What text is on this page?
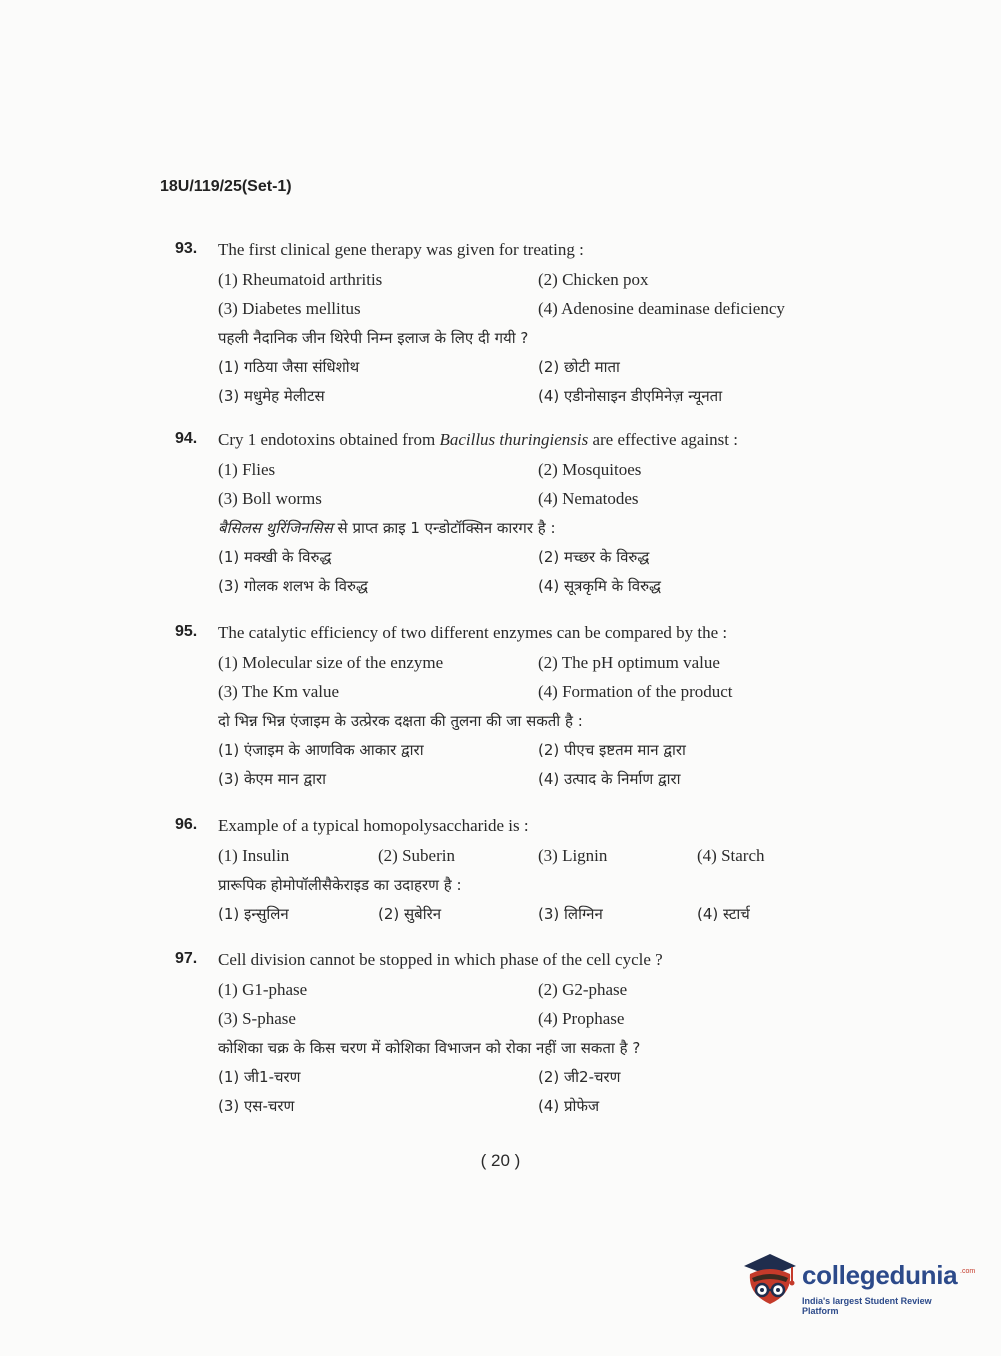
18U/119/25(Set-1)
93. The first clinical gene therapy was given for treating :
(1) Rheumatoid arthritis	(2) Chicken pox
(3) Diabetes mellitus	(4) Adenosine deaminase deficiency
पहली नैदानिक जीन थिरेपी निम्न इलाज के लिए दी गयी ?
(1) गठिया जैसा संधिशोथ	(2) छोटी माता
(3) मधुमेह मेलीटस	(4) एडीनोसाइन डीएमिनेज़ न्यूनता
94. Cry 1 endotoxins obtained from Bacillus thuringiensis are effective against :
(1) Flies	(2) Mosquitoes
(3) Boll worms	(4) Nematodes
बैसिलस थुरिंजिनसिस से प्राप्त क्राइ 1 एन्डोटॉक्सिन कारगर है :
(1) मक्खी के विरुद्ध	(2) मच्छर के विरुद्ध
(3) गोलक शलभ के विरुद्ध	(4) सूत्रकृमि के विरुद्ध
95. The catalytic efficiency of two different enzymes can be compared by the :
(1) Molecular size of the enzyme	(2) The pH optimum value
(3) The Km value	(4) Formation of the product
दो भिन्न भिन्न एंजाइम के उत्प्रेरक दक्षता की तुलना की जा सकती है :
(1) एंजाइम के आणविक आकार द्वारा	(2) पीएच इष्टतम मान द्वारा
(3) केएम मान द्वारा	(4) उत्पाद के निर्माण द्वारा
96. Example of a typical homopolysaccharide is :
(1) Insulin	(2) Suberin	(3) Lignin	(4) Starch
प्रारूपिक होमोपॉलीसैकेराइड का उदाहरण है :
(1) इन्सुलिन	(2) सुबेरिन	(3) लिग्निन	(4) स्टार्च
97. Cell division cannot be stopped in which phase of the cell cycle ?
(1) G1-phase	(2) G2-phase
(3) S-phase	(4) Prophase
कोशिका चक्र के किस चरण में कोशिका विभाजन को रोका नहीं जा सकता है ?
(1) जी1-चरण	(2) जी2-चरण
(3) एस-चरण	(4) प्रोफेज
( 20 )
collegedunia .com
India's largest Student Review Platform
